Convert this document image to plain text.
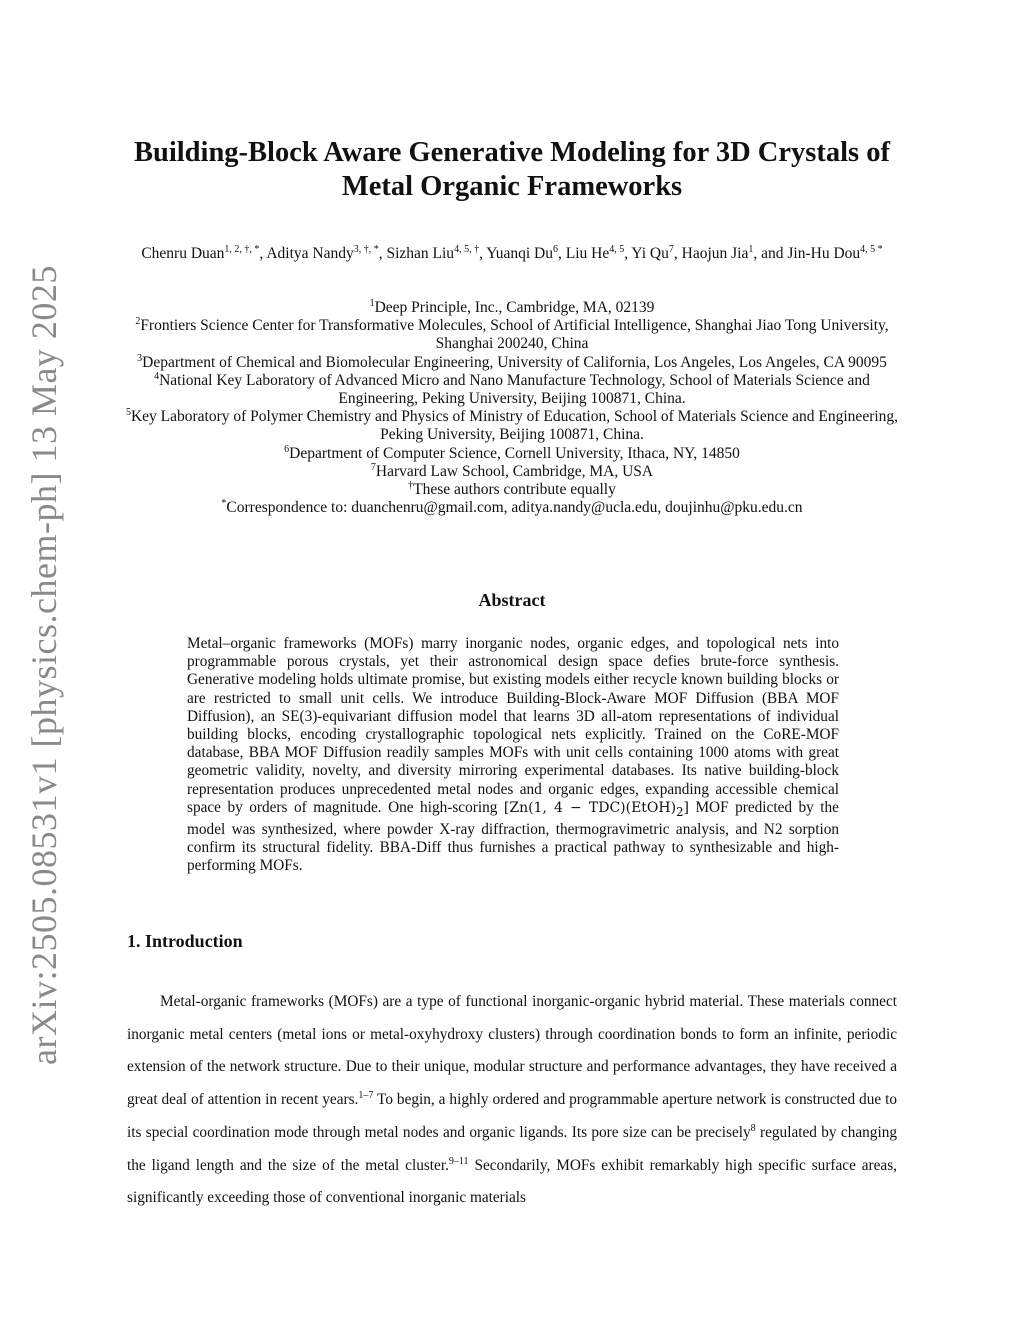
arXiv:2505.08531v1 [physics.chem-ph] 13 May 2025
Building-Block Aware Generative Modeling for 3D Crystals of
Metal Organic Frameworks
Chenru Duan$^{1, 2, \dagger, *}$, Aditya Nandy$^{3, \dagger, *}$, Sizhan Liu$^{4, 5, \dagger}$, Yuanqi Du$^6$, Liu He$^{4, 5}$, Yi Qu$^7$, Haojun Jia$^1$, and Jin-Hu Dou$^{4, 5 *}$
$^1$Deep Principle, Inc., Cambridge, MA, 02139
$^2$Frontiers Science Center for Transformative Molecules, School of Artificial Intelligence, Shanghai Jiao Tong University, Shanghai 200240, China
$^3$Department of Chemical and Biomolecular Engineering, University of California, Los Angeles, Los Angeles, CA 90095
$^4$National Key Laboratory of Advanced Micro and Nano Manufacture Technology, School of Materials Science and Engineering, Peking University, Beijing 100871, China.
$^5$Key Laboratory of Polymer Chemistry and Physics of Ministry of Education, School of Materials Science and Engineering, Peking University, Beijing 100871, China.
$^6$Department of Computer Science, Cornell University, Ithaca, NY, 14850
$^7$Harvard Law School, Cambridge, MA, USA
†These authors contribute equally
*Correspondence to: duanchenru@gmail.com, aditya.nandy@ucla.edu, doujinhu@pku.edu.cn
Abstract
Metal–organic frameworks (MOFs) marry inorganic nodes, organic edges, and topological nets into programmable porous crystals, yet their astronomical design space defies brute-force synthesis. Generative modeling holds ultimate promise, but existing models either recycle known building blocks or are restricted to small unit cells. We introduce Building-Block-Aware MOF Diffusion (BBA MOF Diffusion), an SE(3)-equivariant diffusion model that learns 3D all-atom representations of individual building blocks, encoding crystallographic topological nets explicitly. Trained on the CoRE-MOF database, BBA MOF Diffusion readily samples MOFs with unit cells containing 1000 atoms with great geometric validity, novelty, and diversity mirroring experimental databases. Its native building-block representation produces unprecedented metal nodes and organic edges, expanding accessible chemical space by orders of magnitude. One high-scoring [Zn(1, $4 - TDC)(EtOH)_2$] MOF predicted by the model was synthesized, where powder X-ray diffraction, thermogravimetric analysis, and N2 sorption confirm its structural fidelity. BBA-Diff thus furnishes a practical pathway to synthesizable and high-performing MOFs.
1. Introduction
Metal-organic frameworks (MOFs) are a type of functional inorganic-organic hybrid material. These materials connect inorganic metal centers (metal ions or metal-oxyhydroxy clusters) through coordination bonds to form an infinite, periodic extension of the network structure. Due to their unique, modular structure and performance advantages, they have received a great deal of attention in recent years.$^{1-7}$ To begin, a highly ordered and programmable aperture network is constructed due to its special coordination mode through metal nodes and organic ligands. Its pore size can be precisely$^8$ regulated by changing the ligand length and the size of the metal cluster.$^{9-11}$ Secondarily, MOFs exhibit remarkably high specific surface areas, significantly exceeding those of conventional inorganic materials
